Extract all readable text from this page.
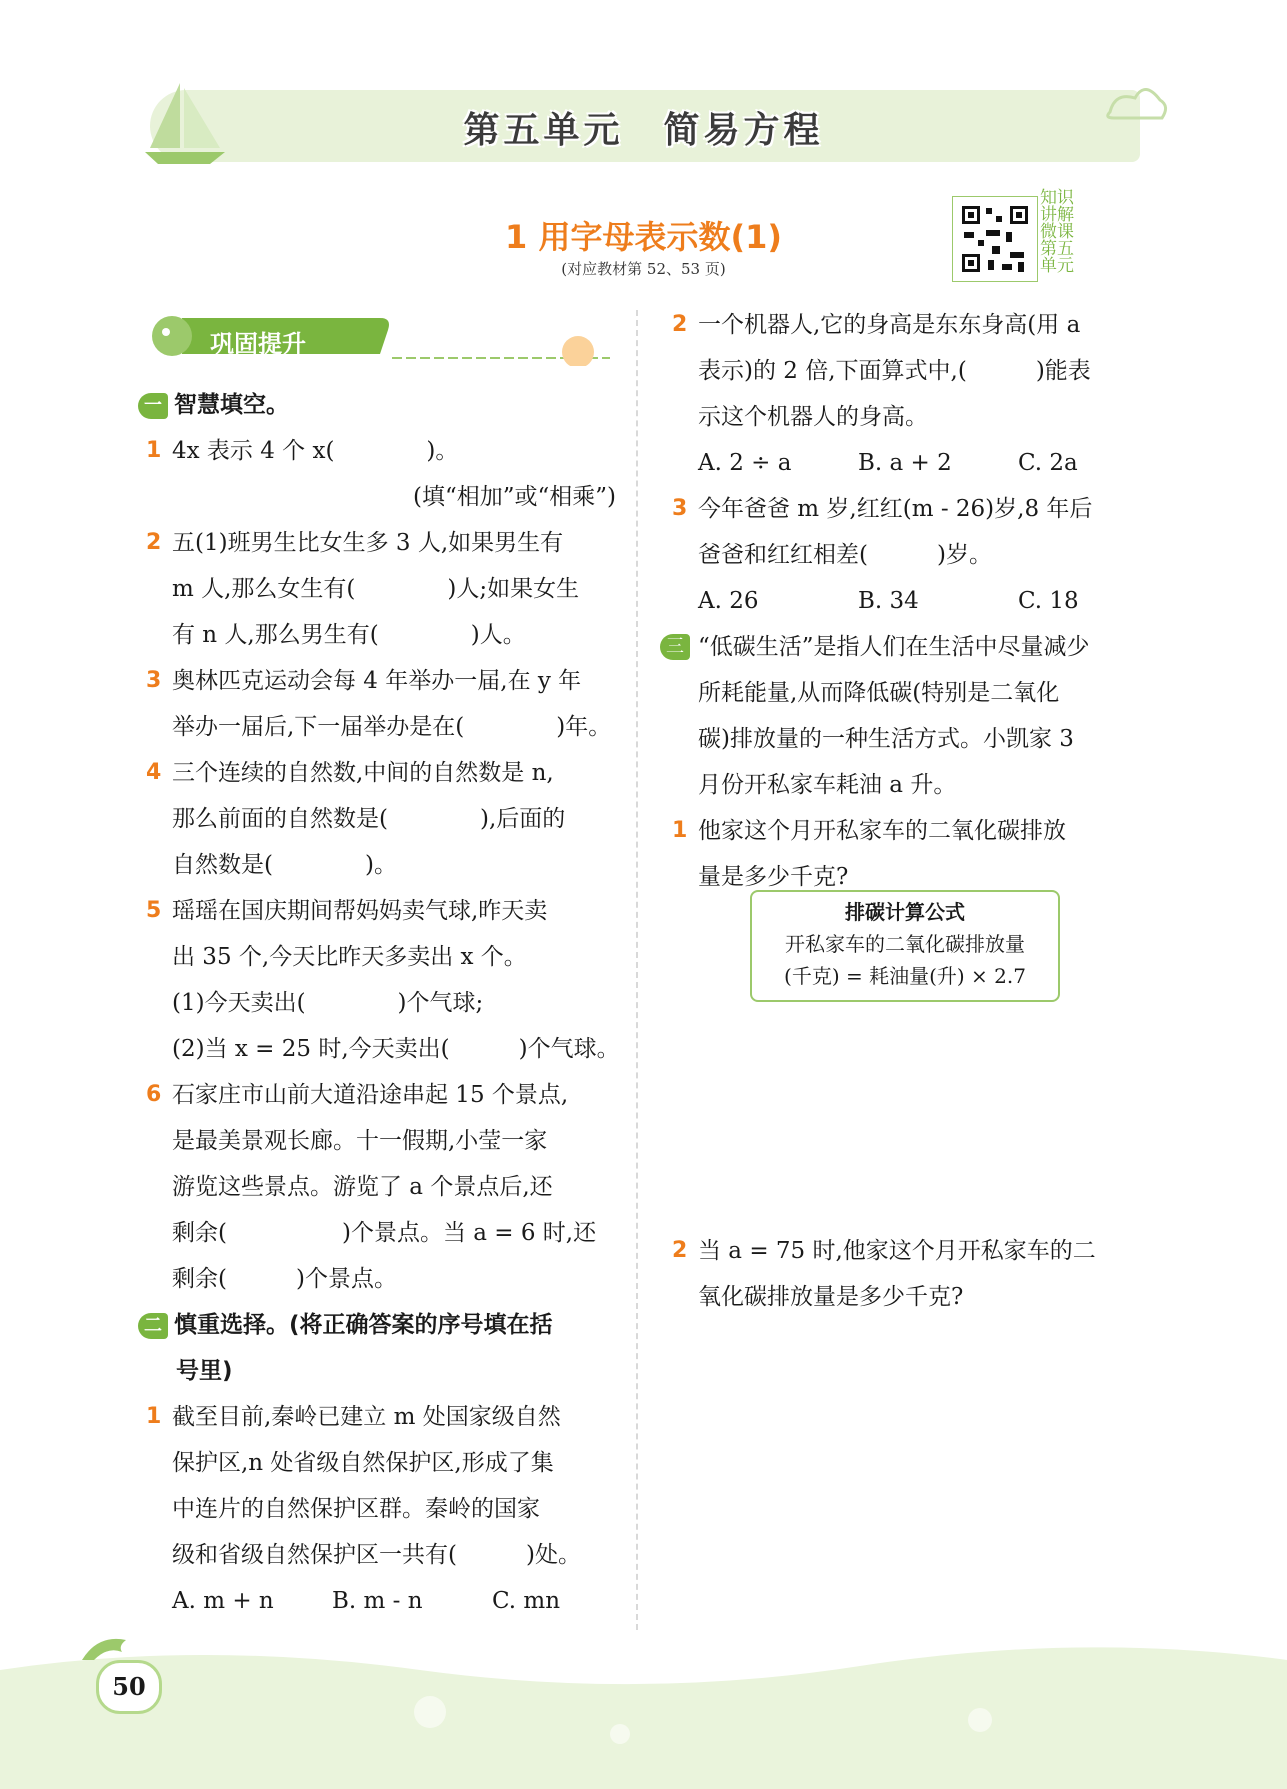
第五单元　简易方程
1 用字母表示数(1)
(对应教材第 52、53 页)
知识讲解微课 第五单元
巩固提升
一 智慧填空。
1 4x 表示 4 个 x(　　　　)。
(填“相加”或“相乘”)
2 五(1)班男生比女生多 3 人,如果男生有
m 人,那么女生有(　　　　)人;如果女生
有 n 人,那么男生有(　　　　)人。
3 奥林匹克运动会每 4 年举办一届,在 y 年
举办一届后,下一届举办是在(　　　　)年。
4 三个连续的自然数,中间的自然数是 n,
那么前面的自然数是(　　　　),后面的
自然数是(　　　　)。
5 瑶瑶在国庆期间帮妈妈卖气球,昨天卖
出 35 个,今天比昨天多卖出 x 个。
(1)今天卖出(　　　　)个气球;
(2)当 x = 25 时,今天卖出(　　　)个气球。
6 石家庄市山前大道沿途串起 15 个景点,
是最美景观长廊。十一假期,小莹一家
游览这些景点。游览了 a 个景点后,还
剩余(　　　　　)个景点。当 a = 6 时,还
剩余(　　　)个景点。
二 慎重选择。(将正确答案的序号填在括
号里)
1 截至目前,秦岭已建立 m 处国家级自然
保护区,n 处省级自然保护区,形成了集
中连片的自然保护区群。秦岭的国家
级和省级自然保护区一共有(　　　)处。
A. m + n	B. m - n	C. mn
2 一个机器人,它的身高是东东身高(用 a
表示)的 2 倍,下面算式中,(　　　)能表
示这个机器人的身高。
A. 2 ÷ a	B. a + 2	C. 2a
3 今年爸爸 m 岁,红红(m - 26)岁,8 年后
爸爸和红红相差(　　　)岁。
A. 26	B. 34	C. 18
三 “低碳生活”是指人们在生活中尽量减少
所耗能量,从而降低碳(特别是二氧化
碳)排放量的一种生活方式。小凯家 3
月份开私家车耗油 a 升。
1 他家这个月开私家车的二氧化碳排放
量是多少千克?
排碳计算公式
开私家车的二氧化碳排放量
(千克) = 耗油量(升) × 2.7
2 当 a = 75 时,他家这个月开私家车的二
氧化碳排放量是多少千克?
50
